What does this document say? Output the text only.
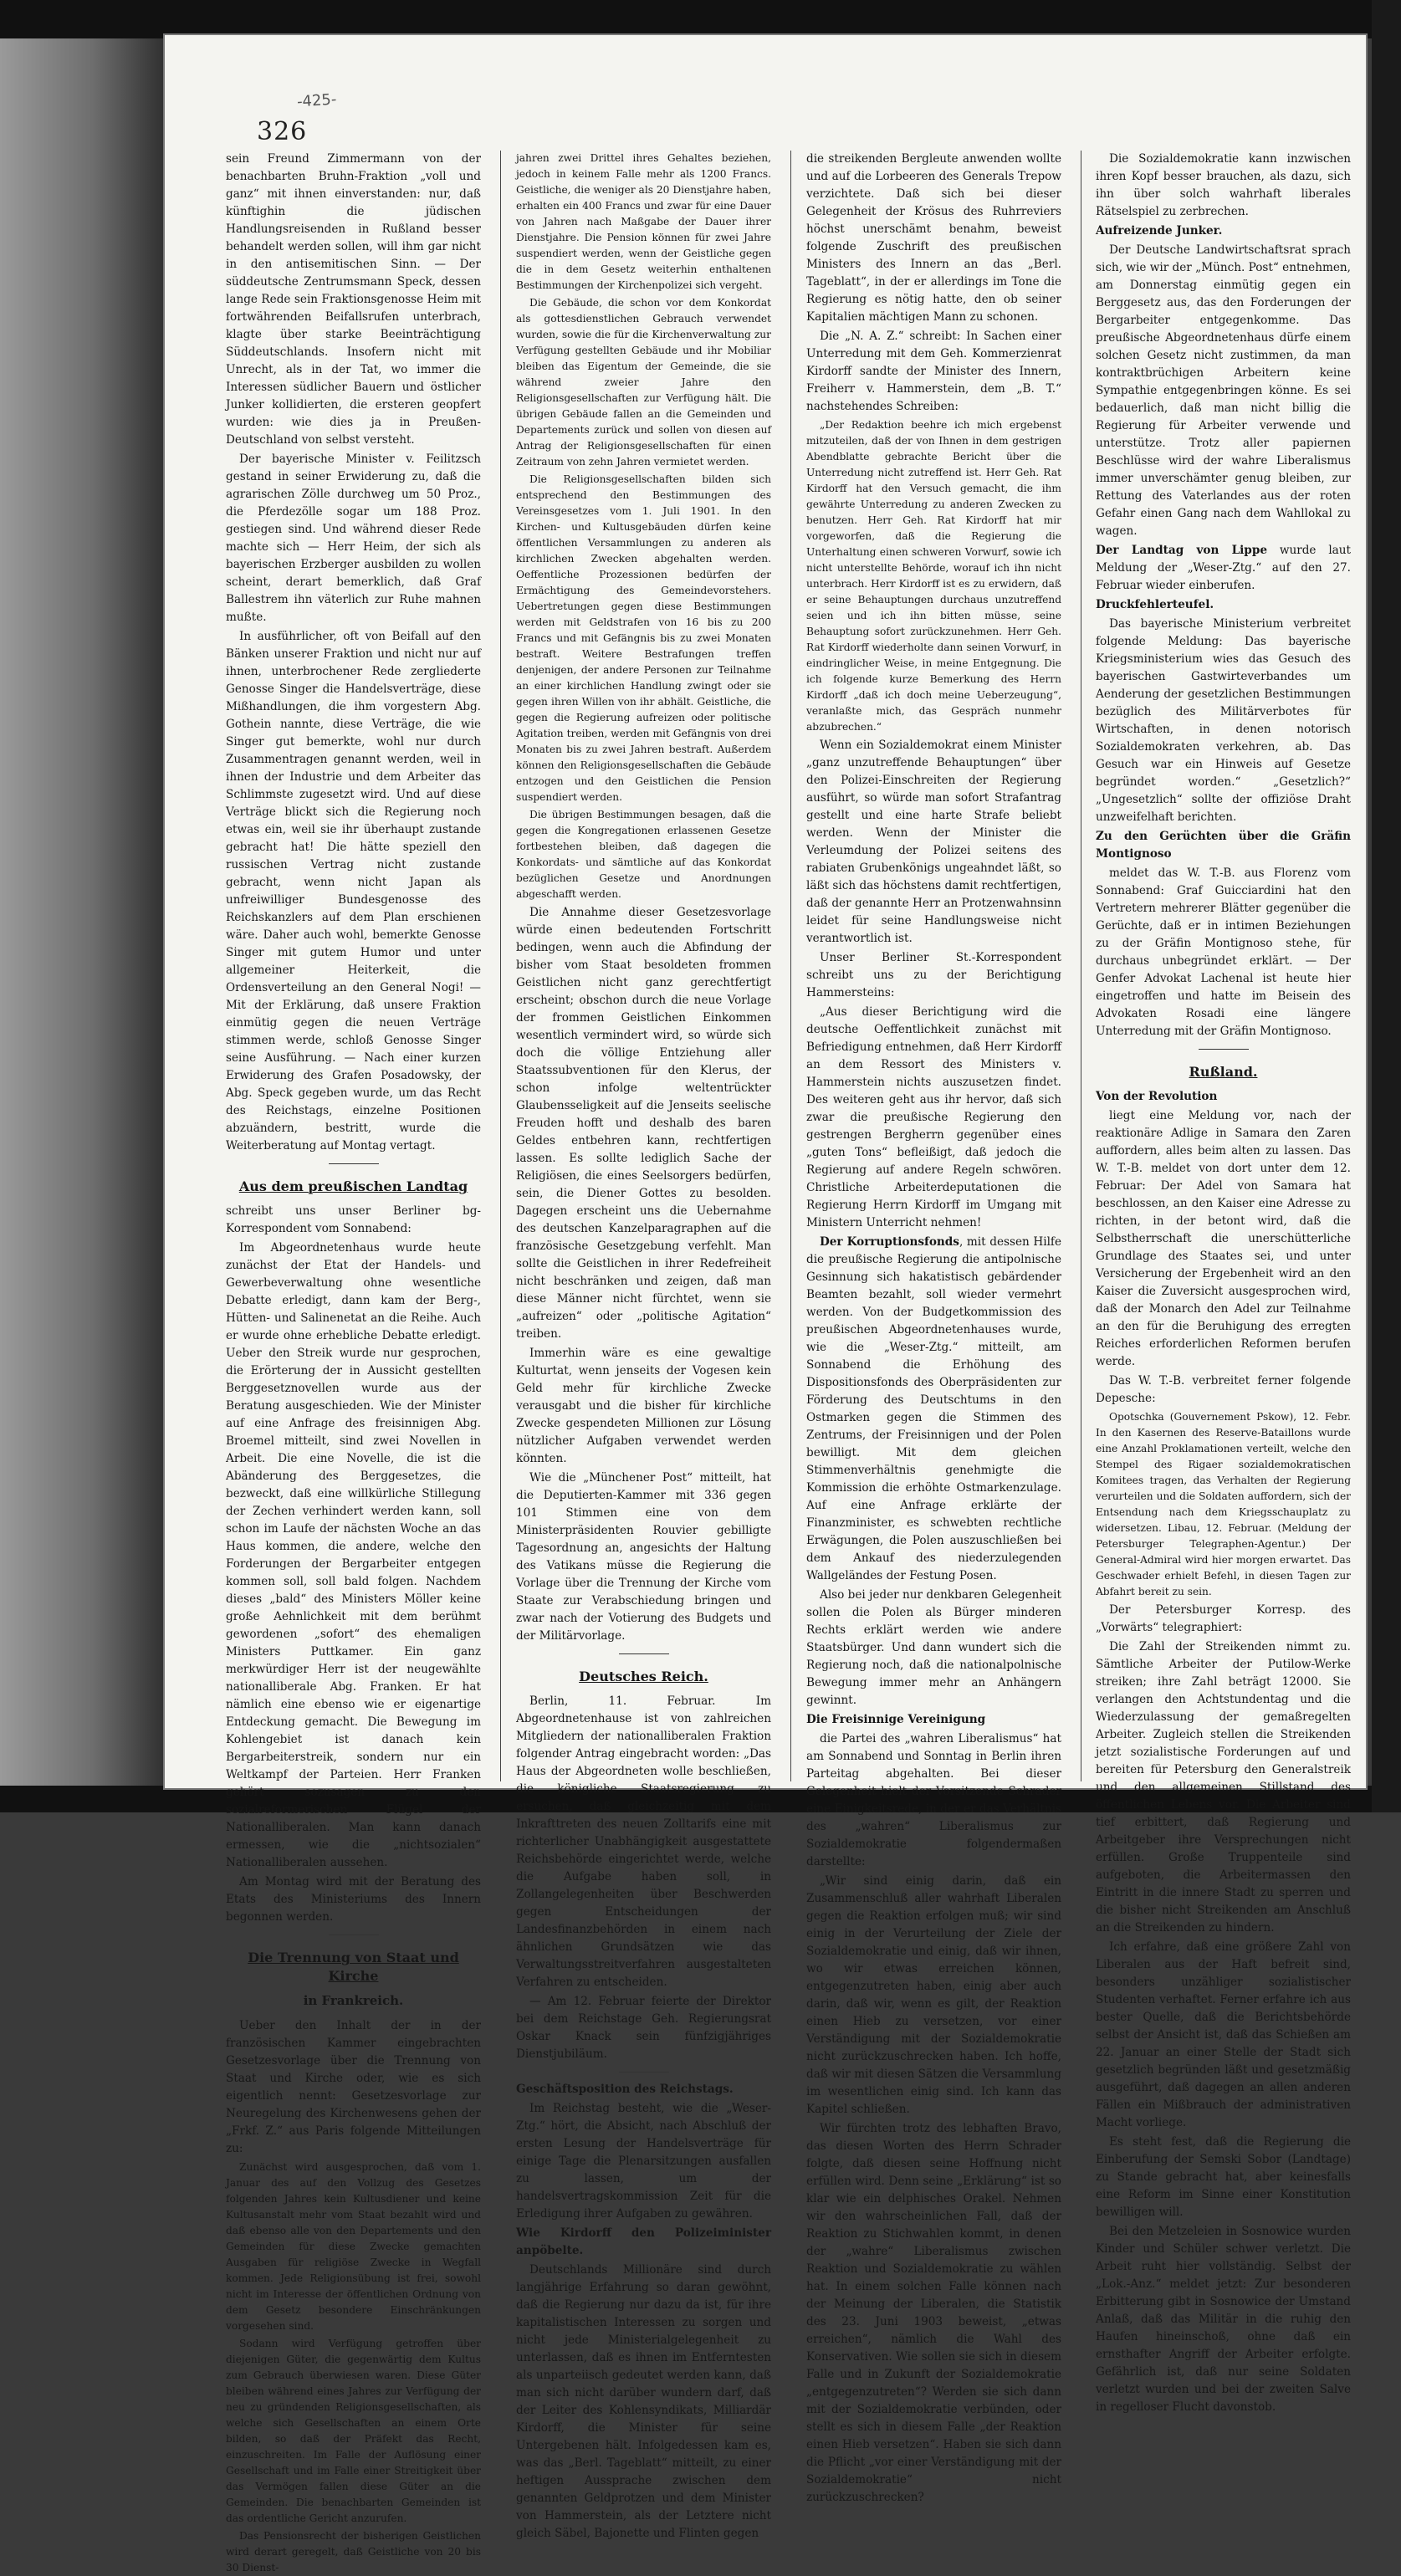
-425-
326

sein Freund Zimmermann von der benachbarten Bruhn-Fraktion „voll und ganz“ mit ihnen einverstanden: nur, daß künftighin die jüdischen Handlungsreisenden in Rußland besser behandelt werden sollen, will ihm gar nicht in den antisemitischen Sinn. — Der süddeutsche Zentrumsmann Speck, dessen lange Rede sein Fraktionsgenosse Heim mit fortwährenden Beifallsrufen unterbrach, klagte über starke Beeinträchtigung Süddeutschlands. Insofern nicht mit Unrecht, als in der Tat, wo immer die Interessen südlicher Bauern und östlicher Junker kollidierten, die ersteren geopfert wurden: wie dies ja in Preußen-Deutschland von selbst versteht.

Der bayerische Minister v. Feilitzsch gestand in seiner Erwiderung zu, daß die agrarischen Zölle durchweg um 50 Proz., die Pferdezölle sogar um 188 Proz. gestiegen sind. Und während dieser Rede machte sich — Herr Heim, der sich als bayerischen Erzberger ausbilden zu wollen scheint, derart bemerklich, daß Graf Ballestrem ihn väterlich zur Ruhe mahnen mußte.

In ausführlicher, oft von Beifall auf den Bänken unserer Fraktion und nicht nur auf ihnen, unterbrochener Rede zergliederte Genosse Singer die Handelsverträge, diese Mißhandlungen, die ihm vorgestern Abg. Gothein nannte, diese Verträge, die wie Singer gut bemerkte, wohl nur durch Zusammentragen genannt werden, weil in ihnen der Industrie und dem Arbeiter das Schlimmste zugesetzt wird. Und auf diese Verträge blickt sich die Regierung noch etwas ein, weil sie ihr überhaupt zustande gebracht hat! Die hätte speziell den russischen Vertrag nicht zustande gebracht, wenn nicht Japan als unfreiwilliger Bundesgenosse des Reichskanzlers auf dem Plan erschienen wäre. Daher auch wohl, bemerkte Genosse Singer mit gutem Humor und unter allgemeiner Heiterkeit, die Ordensverteilung an den General Nogi! — Mit der Erklärung, daß unsere Fraktion einmütig gegen die neuen Verträge stimmen werde, schloß Genosse Singer seine Ausführung. — Nach einer kurzen Erwiderung des Grafen Posadowsky, der Abg. Speck gegeben wurde, um das Recht des Reichstags, einzelne Positionen abzuändern, bestritt, wurde die Weiterberatung auf Montag vertagt.

Aus dem preußischen Landtag

schreibt uns unser Berliner bg-Korrespondent vom Sonnabend:

Im Abgeordnetenhaus wurde heute zunächst der Etat der Handels- und Gewerbeverwaltung ohne wesentliche Debatte erledigt, dann kam der Berg-, Hütten- und Salinenetat an die Reihe. Auch er wurde ohne erhebliche Debatte erledigt. Ueber den Streik wurde nur gesprochen, die Erörterung der in Aussicht gestellten Berggesetznovellen wurde aus der Beratung ausgeschieden. Wie der Minister auf eine Anfrage des freisinnigen Abg. Broemel mitteilt, sind zwei Novellen in Arbeit. Die eine Novelle, die ist die Abänderung des Berggesetzes, die bezweckt, daß eine willkürliche Stillegung der Zechen verhindert werden kann, soll schon im Laufe der nächsten Woche an das Haus kommen, die andere, welche den Forderungen der Bergarbeiter entgegen kommen soll, soll bald folgen. Nachdem dieses „bald“ des Ministers Möller keine große Aehnlichkeit mit dem berühmt gewordenen „sofort“ des ehemaligen Ministers Puttkamer. Ein ganz merkwürdiger Herr ist der neugewählte nationalliberale Abg. Franken. Er hat nämlich eine ebenso wie er eigenartige Entdeckung gemacht. Die Bewegung im Kohlengebiet ist danach kein Bergarbeiterstreik, sondern nur ein Weltkampf der Parteien. Herr Franken gehört sozusagen zu den sozialreformerischen Flügel der Nationalliberalen. Man kann danach ermessen, wie die „nichtsozialen“ Nationalliberalen aussehen.

Am Montag wird mit der Beratung des Etats des Ministeriums des Innern begonnen werden.

Die Trennung von Staat und Kirche
in Frankreich.

Ueber den Inhalt der in der französischen Kammer eingebrachten Gesetzesvorlage über die Trennung von Staat und Kirche oder, wie es sich eigentlich nennt: Gesetzesvorlage zur Neuregelung des Kirchenwesens gehen der „Frkf. Z.“ aus Paris folgende Mitteilungen zu:

Zunächst wird ausgesprochen, daß vom 1. Januar des auf den Vollzug des Gesetzes folgenden Jahres kein Kultusdiener und keine Kultusanstalt mehr vom Staat bezahlt wird und daß ebenso alle von den Departements und den Gemeinden für diese Zwecke gemachten Ausgaben für religiöse Zwecke in Wegfall kommen. Jede Religionsübung ist frei, sowohl nicht im Interesse der öffentlichen Ordnung von dem Gesetz besondere Einschränkungen vorgesehen sind.

Sodann wird Verfügung getroffen über diejenigen Güter, die gegenwärtig dem Kultus zum Gebrauch überwiesen waren. Diese Güter bleiben während eines Jahres zur Verfügung der neu zu gründenden Religionsgesellschaften, als welche sich Gesellschaften an einem Orte bilden, so daß der Präfekt das Recht, einzuschreiten. Im Falle der Auflösung einer Gesellschaft und im Falle einer Streitigkeit über das Vermögen fallen diese Güter an die Gemeinden. Die benachbarten Gemeinden ist das ordentliche Gericht anzurufen.

Das Pensionsrecht der bisherigen Geistlichen wird derart geregelt, daß Geistliche von 20 bis 30 Dienst-

jahren zwei Drittel ihres Gehaltes beziehen, jedoch in keinem Falle mehr als 1200 Francs. Geistliche, die weniger als 20 Dienstjahre haben, erhalten ein 400 Francs und zwar für eine Dauer von Jahren nach Maßgabe der Dauer ihrer Dienstjahre. Die Pension können für zwei Jahre suspendiert werden, wenn der Geistliche gegen die in dem Gesetz weiterhin enthaltenen Bestimmungen der Kirchenpolizei sich vergeht.

Die Gebäude, die schon vor dem Konkordat als gottesdienstlichen Gebrauch verwendet wurden, sowie die für die Kirchenverwaltung zur Verfügung gestellten Gebäude und ihr Mobiliar bleiben das Eigentum der Gemeinde, die sie während zweier Jahre den Religionsgesellschaften zur Verfügung hält. Die übrigen Gebäude fallen an die Gemeinden und Departements zurück und sollen von diesen auf Antrag der Religionsgesellschaften für einen Zeitraum von zehn Jahren vermietet werden.

Die Religionsgesellschaften bilden sich entsprechend den Bestimmungen des Vereinsgesetzes vom 1. Juli 1901. In den Kirchen- und Kultusgebäuden dürfen keine öffentlichen Versammlungen zu anderen als kirchlichen Zwecken abgehalten werden. Oeffentliche Prozessionen bedürfen der Ermächtigung des Gemeindevorstehers. Uebertretungen gegen diese Bestimmungen werden mit Geldstrafen von 16 bis zu 200 Francs und mit Gefängnis bis zu zwei Monaten bestraft. Weitere Bestrafungen treffen denjenigen, der andere Personen zur Teilnahme an einer kirchlichen Handlung zwingt oder sie gegen ihren Willen von ihr abhält. Geistliche, die gegen die Regierung aufreizen oder politische Agitation treiben, werden mit Gefängnis von drei Monaten bis zu zwei Jahren bestraft. Außerdem können den Religionsgesellschaften die Gebäude entzogen und den Geistlichen die Pension suspendiert werden.

Die übrigen Bestimmungen besagen, daß die gegen die Kongregationen erlassenen Gesetze fortbestehen bleiben, daß dagegen die Konkordats- und sämtliche auf das Konkordat bezüglichen Gesetze und Anordnungen abgeschafft werden.

Die Annahme dieser Gesetzesvorlage würde einen bedeutenden Fortschritt bedingen, wenn auch die Abfindung der bisher vom Staat besoldeten frommen Geistlichen nicht ganz gerechtfertigt erscheint; obschon durch die neue Vorlage der frommen Geistlichen Einkommen wesentlich vermindert wird, so würde sich doch die völlige Entziehung aller Staatssubventionen für den Klerus, der schon infolge weltentrückter Glaubensseligkeit auf die Jenseits seelische Freuden hofft und deshalb des baren Geldes entbehren kann, rechtfertigen lassen. Es sollte lediglich Sache der Religiösen, die eines Seelsorgers bedürfen, sein, die Diener Gottes zu besolden. Dagegen erscheint uns die Uebernahme des deutschen Kanzelparagraphen auf die französische Gesetzgebung verfehlt. Man sollte die Geistlichen in ihrer Redefreiheit nicht beschränken und zeigen, daß man diese Männer nicht fürchtet, wenn sie „aufreizen“ oder „politische Agitation“ treiben.

Immerhin wäre es eine gewaltige Kulturtat, wenn jenseits der Vogesen kein Geld mehr für kirchliche Zwecke verausgabt und die bisher für kirchliche Zwecke gespendeten Millionen zur Lösung nützlicher Aufgaben verwendet werden könnten.

Wie die „Münchener Post“ mitteilt, hat die Deputierten-Kammer mit 336 gegen 101 Stimmen eine von dem Ministerpräsidenten Rouvier gebilligte Tagesordnung an, angesichts der Haltung des Vatikans müsse die Regierung die Vorlage über die Trennung der Kirche vom Staate zur Verabschiedung bringen und zwar nach der Votierung des Budgets und der Militärvorlage.

Deutsches Reich.

Berlin, 11. Februar. Im Abgeordnetenhause ist von zahlreichen Mitgliedern der nationalliberalen Fraktion folgender Antrag eingebracht worden: „Das Haus der Abgeordneten wolle beschließen, die königliche Staatsregierung zu ersuchen, daß gleichzeitig mit dem Inkrafttreten des neuen Zolltarifs eine mit richterlicher Unabhängigkeit ausgestattete Reichsbehörde eingerichtet werde, welche die Aufgabe haben soll, in Zollangelegenheiten über Beschwerden gegen Entscheidungen der Landesfinanzbehörden in einem nach ähnlichen Grundsätzen wie das Verwaltungsstreitverfahren ausgestalteten Verfahren zu entscheiden.

— Am 12. Februar feierte der Direktor bei dem Reichstage Geh. Regierungsrat Oskar Knack sein fünfzigjähriges Dienstjubiläum.

Geschäftsposition des Reichstags.

Im Reichstag besteht, wie die „Weser-Ztg.“ hört, die Absicht, nach Abschluß der ersten Lesung der Handelsverträge für einige Tage die Plenarsitzungen ausfallen zu lassen, um der handelsvertragskommission Zeit für die Erledigung ihrer Aufgaben zu gewähren.

Wie Kirdorff den Polizeiminister anpöbelte.

Deutschlands Millionäre sind durch langjährige Erfahrung so daran gewöhnt, daß die Regierung nur dazu da ist, für ihre kapitalistischen Interessen zu sorgen und nicht jede Ministerialgelegenheit zu unterlassen, daß es ihnen im Entferntesten als unparteiisch gedeutet werden kann, daß man sich nicht darüber wundern darf, daß der Leiter des Kohlensyndikats, Milliardär Kirdorff, die Minister für seine Untergebenen hält. Infolgedessen kam es, was das „Berl. Tageblatt“ mitteilt, zu einer heftigen Aussprache zwischen dem genannten Geldprotzen und dem Minister von Hammerstein, als der Letztere nicht gleich Säbel, Bajonette und Flinten gegen

die streikenden Bergleute anwenden wollte und auf die Lorbeeren des Generals Trepow verzichtete. Daß sich bei dieser Gelegenheit der Krösus des Ruhrreviers höchst unerschämt benahm, beweist folgende Zuschrift des preußischen Ministers des Innern an das „Berl. Tageblatt“, in der er allerdings im Tone die Regierung es nötig hatte, den ob seiner Kapitalien mächtigen Mann zu schonen.

Die „N. A. Z.“ schreibt: In Sachen einer Unterredung mit dem Geh. Kommerzienrat Kirdorff sandte der Minister des Innern, Freiherr v. Hammerstein, dem „B. T.“ nachstehendes Schreiben:

„Der Redaktion beehre ich mich ergebenst mitzuteilen, daß der von Ihnen in dem gestrigen Abendblatte gebrachte Bericht über die Unterredung nicht zutreffend ist. Herr Geh. Rat Kirdorff hat den Versuch gemacht, die ihm gewährte Unterredung zu anderen Zwecken zu benutzen. Herr Geh. Rat Kirdorff hat mir vorgeworfen, daß die Regierung die Unterhaltung einen schweren Vorwurf, sowie ich nicht unterstellte Behörde, worauf ich ihn nicht unterbrach. Herr Kirdorff ist es zu erwidern, daß er seine Behauptungen durchaus unzutreffend seien und ich ihn bitten müsse, seine Behauptung sofort zurückzunehmen. Herr Geh. Rat Kirdorff wiederholte dann seinen Vorwurf, in eindringlicher Weise, in meine Entgegnung. Die ich folgende kurze Bemerkung des Herrn Kirdorff „daß ich doch meine Ueberzeugung“, veranlaßte mich, das Gespräch nunmehr abzubrechen.“

Wenn ein Sozialdemokrat einem Minister „ganz unzutreffende Behauptungen“ über den Polizei-Einschreiten der Regierung ausführt, so würde man sofort Strafantrag gestellt und eine harte Strafe beliebt werden. Wenn der Minister die Verleumdung der Polizei seitens des rabiaten Grubenkönigs ungeahndet läßt, so läßt sich das höchstens damit rechtfertigen, daß der genannte Herr an Protzenwahnsinn leidet für seine Handlungsweise nicht verantwortlich ist.

Unser Berliner St.-Korrespondent schreibt uns zu der Berichtigung Hammersteins:

„Aus dieser Berichtigung wird die deutsche Oeffentlichkeit zunächst mit Befriedigung entnehmen, daß Herr Kirdorff an dem Ressort des Ministers v. Hammerstein nichts auszusetzen findet. Des weiteren geht aus ihr hervor, daß sich zwar die preußische Regierung den gestrengen Bergherrn gegenüber eines „guten Tons“ befleißigt, daß jedoch die Regierung auf andere Regeln schwören. Christliche Arbeiterdeputationen die Regierung Herrn Kirdorff im Umgang mit Ministern Unterricht nehmen!

Der Korruptionsfonds, mit dessen Hilfe die preußische Regierung die antipolnische Gesinnung sich hakatistisch gebärdender Beamten bezahlt, soll wieder vermehrt werden. Von der Budgetkommission des preußischen Abgeordnetenhauses wurde, wie die „Weser-Ztg.“ mitteilt, am Sonnabend die Erhöhung des Dispositionsfonds des Oberpräsidenten zur Förderung des Deutschtums in den Ostmarken gegen die Stimmen des Zentrums, der Freisinnigen und der Polen bewilligt. Mit dem gleichen Stimmenverhältnis genehmigte die Kommission die erhöhte Ostmarkenzulage. Auf eine Anfrage erklärte der Finanzminister, es schwebten rechtliche Erwägungen, die Polen auszuschließen bei dem Ankauf des niederzulegenden Wallgeländes der Festung Posen.

Also bei jeder nur denkbaren Gelegenheit sollen die Polen als Bürger minderen Rechts erklärt werden wie andere Staatsbürger. Und dann wundert sich die Regierung noch, daß die nationalpolnische Bewegung immer mehr an Anhängern gewinnt.

Die Freisinnige Vereinigung

die Partei des „wahren Liberalismus“ hat am Sonnabend und Sonntag in Berlin ihren Parteitag abgehalten. Bei dieser Gelegenheit hielt der Vorsitzende Schrader eine Einigkeitsrede, in der er das Verhältnis des „wahren“ Liberalismus zur Sozialdemokratie folgendermaßen darstellte:

„Wir sind einig darin, daß ein Zusammenschluß aller wahrhaft Liberalen gegen die Reaktion erfolgen muß; wir sind einig in der Verurteilung der Ziele der Sozialdemokratie und einig, daß wir ihnen, wo wir etwas erreichen können, entgegenzutreten haben, einig aber auch darin, daß wir, wenn es gilt, der Reaktion einen Hieb zu versetzen, vor einer Verständigung mit der Sozialdemokratie nicht zurückzuschrecken haben. Ich hoffe, daß wir mit diesen Sätzen die Versammlung im wesentlichen einig sind. Ich kann das Kapitel schließen.

Wir fürchten trotz des lebhaften Bravo, das diesen Worten des Herrn Schrader folgte, daß diesen seine Hoffnung nicht erfüllen wird. Denn seine „Erklärung“ ist so klar wie ein delphisches Orakel. Nehmen wir den wahrscheinlichen Fall, daß der Reaktion zu Stichwahlen kommt, in denen der „wahre“ Liberalismus zwischen Reaktion und Sozialdemokratie zu wählen hat. In einem solchen Falle können nach der Meinung der Liberalen, die Statistik des 23. Juni 1903 beweist, „etwas erreichen“, nämlich die Wahl des Konservativen. Wie sollen sie sich in diesem Falle und in Zukunft der Sozialdemokratie „entgegenzutreten“? Werden sie sich dann mit der Sozialdemokratie verbünden, oder stellt es sich in diesem Falle „der Reaktion einen Hieb versetzen“. Haben sie sich dann die Pflicht „vor einer Verständigung mit der Sozialdemokratie“ nicht zurückzuschrecken?

Die Sozialdemokratie kann inzwischen ihren Kopf besser brauchen, als dazu, sich ihn über solch wahrhaft liberales Rätselspiel zu zerbrechen.

Aufreizende Junker.

Der Deutsche Landwirtschaftsrat sprach sich, wie wir der „Münch. Post“ entnehmen, am Donnerstag einmütig gegen ein Berggesetz aus, das den Forderungen der Bergarbeiter entgegenkomme. Das preußische Abgeordnetenhaus dürfe einem solchen Gesetz nicht zustimmen, da man kontraktbrüchigen Arbeitern keine Sympathie entgegenbringen könne. Es sei bedauerlich, daß man nicht billig die Regierung für Arbeiter verwende und unterstütze. Trotz aller papiernen Beschlüsse wird der wahre Liberalismus immer unverschämter genug bleiben, zur Rettung des Vaterlandes aus der roten Gefahr einen Gang nach dem Wahllokal zu wagen.

Der Landtag von Lippe wurde laut Meldung der „Weser-Ztg.“ auf den 27. Februar wieder einberufen.

Druckfehlerteufel.

Das bayerische Ministerium verbreitet folgende Meldung: Das bayerische Kriegsministerium wies das Gesuch des bayerischen Gastwirteverbandes um Aenderung der gesetzlichen Bestimmungen bezüglich des Militärverbotes für Wirtschaften, in denen notorisch Sozialdemokraten verkehren, ab. Das Gesuch war ein Hinweis auf Gesetze begründet worden.“ „Gesetzlich?“ „Ungesetzlich“ sollte der offiziöse Draht unzweifelhaft berichten.

Zu den Gerüchten über die Gräfin Montignoso

meldet das W. T.-B. aus Florenz vom Sonnabend: Graf Guicciardini hat den Vertretern mehrerer Blätter gegenüber die Gerüchte, daß er in intimen Beziehungen zu der Gräfin Montignoso stehe, für durchaus unbegründet erklärt. — Der Genfer Advokat Lachenal ist heute hier eingetroffen und hatte im Beisein des Advokaten Rosadi eine längere Unterredung mit der Gräfin Montignoso.

Rußland.

Von der Revolution

liegt eine Meldung vor, nach der reaktionäre Adlige in Samara den Zaren auffordern, alles beim alten zu lassen. Das W. T.-B. meldet von dort unter dem 12. Februar: Der Adel von Samara hat beschlossen, an den Kaiser eine Adresse zu richten, in der betont wird, daß die Selbstherrschaft die unerschütterliche Grundlage des Staates sei, und unter Versicherung der Ergebenheit wird an den Kaiser die Zuversicht ausgesprochen wird, daß der Monarch den Adel zur Teilnahme an den für die Beruhigung des erregten Reiches erforderlichen Reformen berufen werde.

Das W. T.-B. verbreitet ferner folgende Depesche:

Opotschka (Gouvernement Pskow), 12. Febr. In den Kasernen des Reserve-Bataillons wurde eine Anzahl Proklamationen verteilt, welche den Stempel des Rigaer sozialdemokratischen Komitees tragen, das Verhalten der Regierung verurteilen und die Soldaten auffordern, sich der Entsendung nach dem Kriegsschauplatz zu widersetzen. Libau, 12. Februar. (Meldung der Petersburger Telegraphen-Agentur.) Der General-Admiral wird hier morgen erwartet. Das Geschwader erhielt Befehl, in diesen Tagen zur Abfahrt bereit zu sein.

Der Petersburger Korresp. des „Vorwärts“ telegraphiert:

Die Zahl der Streikenden nimmt zu. Sämtliche Arbeiter der Putilow-Werke streiken; ihre Zahl beträgt 12000. Sie verlangen den Achtstundentag und die Wiederzulassung der gemaßregelten Arbeiter. Zugleich stellen die Streikenden jetzt sozialistische Forderungen auf und bereiten für Petersburg den Generalstreik und den allgemeinen Stillstand des öffentlichen Lebens vor. Die Arbeiter sind tief erbittert, daß Regierung und Arbeitgeber ihre Versprechungen nicht erfüllen. Große Truppenteile sind aufgeboten, die Arbeitermassen den Eintritt in die innere Stadt zu sperren und die bisher nicht Streikenden am Anschluß an die Streikenden zu hindern.

Ich erfahre, daß eine größere Zahl von Liberalen aus der Haft befreit sind, besonders unzähliger sozialistischer Studenten verhaftet. Ferner erfahre ich aus bester Quelle, daß die Berichtsbehörde selbst der Ansicht ist, daß das Schießen am 22. Januar an einer Stelle der Stadt sich gesetzlich begründen läßt und gesetzmäßig ausgeführt, daß dagegen an allen anderen Fällen ein Mißbrauch der administrativen Macht vorliege.

Es steht fest, daß die Regierung die Einberufung der Semski Sobor (Landtage) zu Stande gebracht hat, aber keinesfalls eine Reform im Sinne einer Konstitution bewilligen will.

Bei den Metzeleien in Sosnowice wurden Kinder und Schüler schwer verletzt. Die Arbeit ruht hier vollständig. Selbst der „Lok.-Anz.“ meldet jetzt: Zur besonderen Erbitterung gibt in Sosnowice der Umstand Anlaß, daß das Militär in die ruhig den Haufen hineinschoß, ohne daß ein ernsthafter Angriff der Arbeiter erfolgte. Gefährlich ist, daß nur seine Soldaten verletzt wurden und bei der zweiten Salve in regelloser Flucht davonstob.
